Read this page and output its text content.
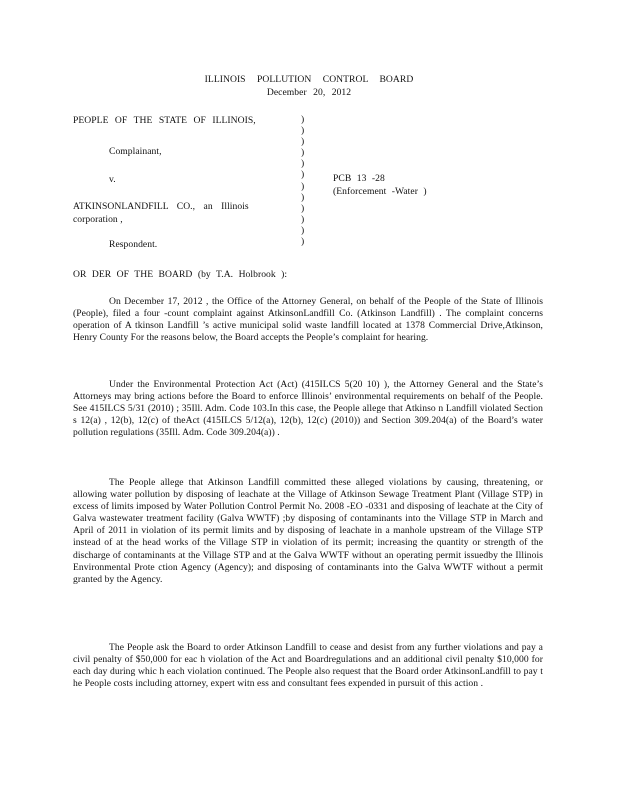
ILLINOIS POLLUTION CONTROL BOARD
December 20, 2012
PEOPLE OF THE STATE OF ILLINOIS,
Complainant,
v.
ATKINSONLANDFILL CO., an Illinois
corporation ,
Respondent.
)
)
)
)
)
)
)
)
)
)
)
)
PCB 13 -28
(Enforcement -Water )
OR DER OF THE BOARD (by T.A. Holbrook ):

On December 17, 2012 , the Office of the Attorney General, on behalf of the People of the State of Illinois (People), filed a four -count complaint against AtkinsonLandfill Co. (Atkinson Landfill) . The complaint concerns operation of A tkinson Landfill ’s active municipal solid waste landfill located at 1378 Commercial Drive,Atkinson, Henry County For the reasons below, the Board accepts the People’s complaint for hearing.

Under the Environmental Protection Act (Act) (415ILCS 5(20 10) ), the Attorney General and the State’s Attorneys may bring actions before the Board to enforce Illinois’ environmental requirements on behalf of the People. See 415ILCS 5/31 (2010) ; 35Ill. Adm. Code 103.In this case, the People allege that Atkinso n Landfill violated Section s 12(a) , 12(b), 12(c) of theAct (415ILCS 5/12(a), 12(b), 12(c) (2010)) and Section 309.204(a) of the Board’s water pollution regulations (35Ill. Adm. Code 309.204(a)) .

The People allege that Atkinson Landfill committed these alleged violations by causing, threatening, or allowing water pollution by disposing of leachate at the Village of Atkinson Sewage Treatment Plant (Village STP) in excess of limits imposed by Water Pollution Control Permit No. 2008 -EO -0331 and disposing of leachate at the City of Galva wastewater treatment facility (Galva WWTF) ;by disposing of contaminants into the Village STP in March and April of 2011 in violation of its permit limits and by disposing of leachate in a manhole upstream of the Village STP instead of at the head works of the Village STP in violation of its permit; increasing the quantity or strength of the discharge of contaminants at the Village STP and at the Galva WWTF without an operating permit issuedby the Illinois Environmental Prote ction Agency (Agency); and disposing of contaminants into the Galva WWTF without a permit granted by the Agency.

The People ask the Board to order Atkinson Landfill to cease and desist from any further violations and pay a civil penalty of $50,000 for eac h violation of the Act and Boardregulations and an additional civil penalty $10,000 for each day during whic h each violation continued. The People also request that the Board order AtkinsonLandfill to pay t he People costs including attorney, expert witn ess and consultant fees expended in pursuit of this action .
